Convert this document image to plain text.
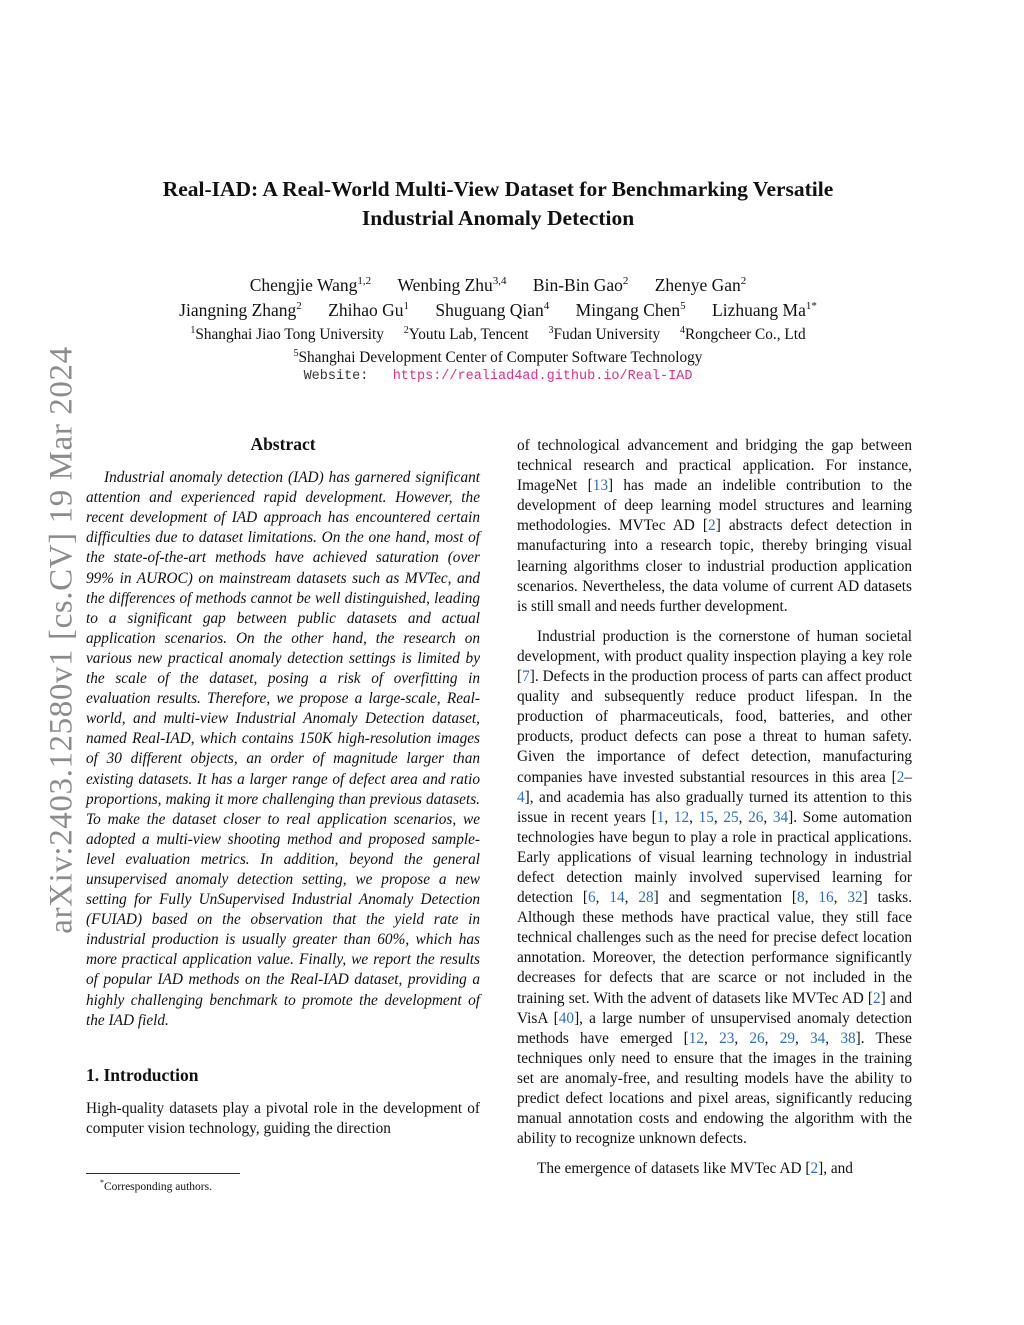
arXiv:2403.12580v1 [cs.CV] 19 Mar 2024
Real-IAD: A Real-World Multi-View Dataset for Benchmarking Versatile
Industrial Anomaly Detection
Chengjie Wang$^{1,2}$ Wenbing Zhu$^{3,4}$ Bin-Bin Gao$^2$ Zhenye Gan$^2$
Jiangning Zhang$^2$ Zhihao Gu$^1$ Shuguang Qian$^4$ Mingang Chen$^5$ Lizhuang $Ma^{1*}$
$^1$Shanghai Jiao Tong University $^2$Youtu Lab, Tencent $^3$Fudan University $^4$Rongcheer Co., Ltd
$^5$Shanghai Development Center of Computer Software Technology
Website: https://realiad4ad.github.io/Real-IAD
Abstract

Industrial anomaly detection (IAD) has garnered significant attention and experienced rapid development. However, the recent development of IAD approach has encountered certain difficulties due to dataset limitations. On the one hand, most of the state-of-the-art methods have achieved saturation (over 99% in AUROC) on mainstream datasets such as MVTec, and the differences of methods cannot be well distinguished, leading to a significant gap between public datasets and actual application scenarios. On the other hand, the research on various new practical anomaly detection settings is limited by the scale of the dataset, posing a risk of overfitting in evaluation results. Therefore, we propose a large-scale, Real-world, and multi-view Industrial Anomaly Detection dataset, named Real-IAD, which contains 150K high-resolution images of 30 different objects, an order of magnitude larger than existing datasets. It has a larger range of defect area and ratio proportions, making it more challenging than previous datasets. To make the dataset closer to real application scenarios, we adopted a multi-view shooting method and proposed sample-level evaluation metrics. In addition, beyond the general unsupervised anomaly detection setting, we propose a new setting for Fully UnSupervised Industrial Anomaly Detection (FUIAD) based on the observation that the yield rate in industrial production is usually greater than 60%, which has more practical application value. Finally, we report the results of popular IAD methods on the Real-IAD dataset, providing a highly challenging benchmark to promote the development of the IAD field.

1. Introduction

High-quality datasets play a pivotal role in the development of computer vision technology, guiding the direction

*Corresponding authors.

of technological advancement and bridging the gap between technical research and practical application. For instance, ImageNet [13] has made an indelible contribution to the development of deep learning model structures and learning methodologies. MVTec AD [2] abstracts defect detection in manufacturing into a research topic, thereby bringing visual learning algorithms closer to industrial production application scenarios. Nevertheless, the data volume of current AD datasets is still small and needs further development.

Industrial production is the cornerstone of human societal development, with product quality inspection playing a key role [7]. Defects in the production process of parts can affect product quality and subsequently reduce product lifespan. In the production of pharmaceuticals, food, batteries, and other products, product defects can pose a threat to human safety. Given the importance of defect detection, manufacturing companies have invested substantial resources in this area [2–4], and academia has also gradually turned its attention to this issue in recent years [1, 12, 15, 25, 26, 34]. Some automation technologies have begun to play a role in practical applications. Early applications of visual learning technology in industrial defect detection mainly involved supervised learning for detection [6, 14, 28] and segmentation [8, 16, 32] tasks. Although these methods have practical value, they still face technical challenges such as the need for precise defect location annotation. Moreover, the detection performance significantly decreases for defects that are scarce or not included in the training set. With the advent of datasets like MVTec AD [2] and VisA [40], a large number of unsupervised anomaly detection methods have emerged [12, 23, 26, 29, 34, 38]. These techniques only need to ensure that the images in the training set are anomaly-free, and resulting models have the ability to predict defect locations and pixel areas, significantly reducing manual annotation costs and endowing the algorithm with the ability to recognize unknown defects.

The emergence of datasets like MVTec AD [2], and
